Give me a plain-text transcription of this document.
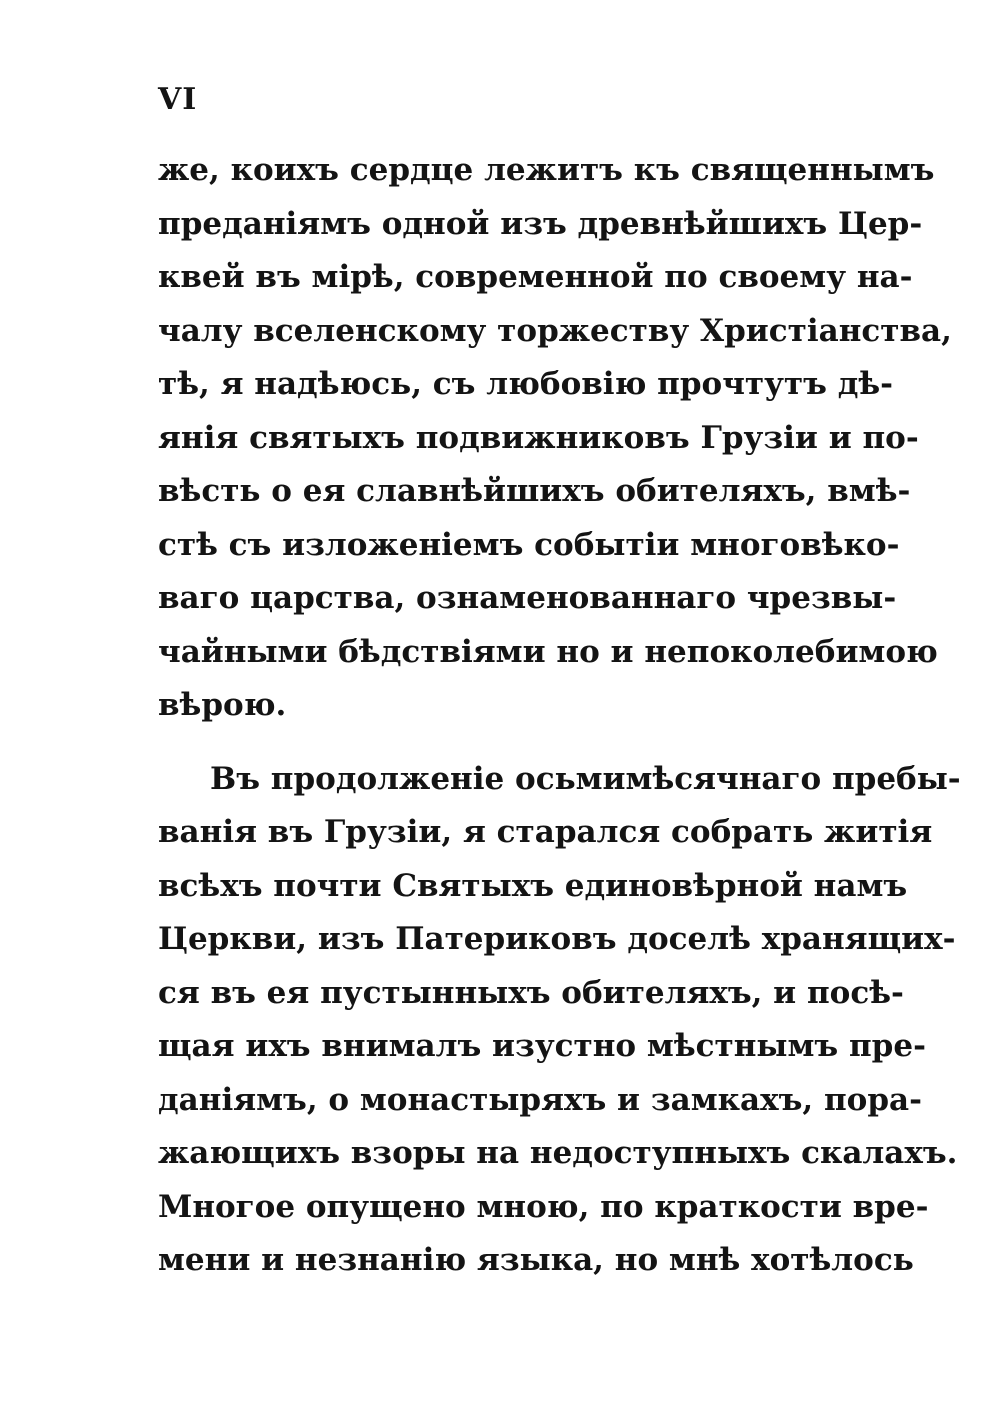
VI
же, коихъ сердце лежитъ къ священнымъ
преданіямъ одной изъ древнѣйшихъ Цер-
квей въ мірѣ, современной по своему на-
чалу вселенскому торжеству Христіанства,
тѣ, я надѣюсь, съ любовію прочтутъ дѣ-
янія святыхъ подвижниковъ Грузіи и по-
вѣсть о ея славнѣйшихъ обителяхъ, вмѣ-
стѣ съ изложеніемъ событіи многовѣко-
ваго царства, ознаменованнаго чрезвы-
чайными бѣдствіями но и непоколебимою
вѣрою.
Въ продолженіе осьмимѣсячнаго пребы-
ванія въ Грузіи, я старался собрать житія
всѣхъ почти Святыхъ единовѣрной намъ
Церкви, изъ Патериковъ доселѣ хранящих-
ся въ ея пустынныхъ обителяхъ, и посѣ-
щая ихъ внималъ изустно мѣстнымъ пре-
даніямъ, о монастыряхъ и замкахъ, пора-
жающихъ взоры на недоступныхъ скалахъ.
Многое опущено мною, по краткости вре-
мени и незнанію языка, но мнѣ хотѣлось
